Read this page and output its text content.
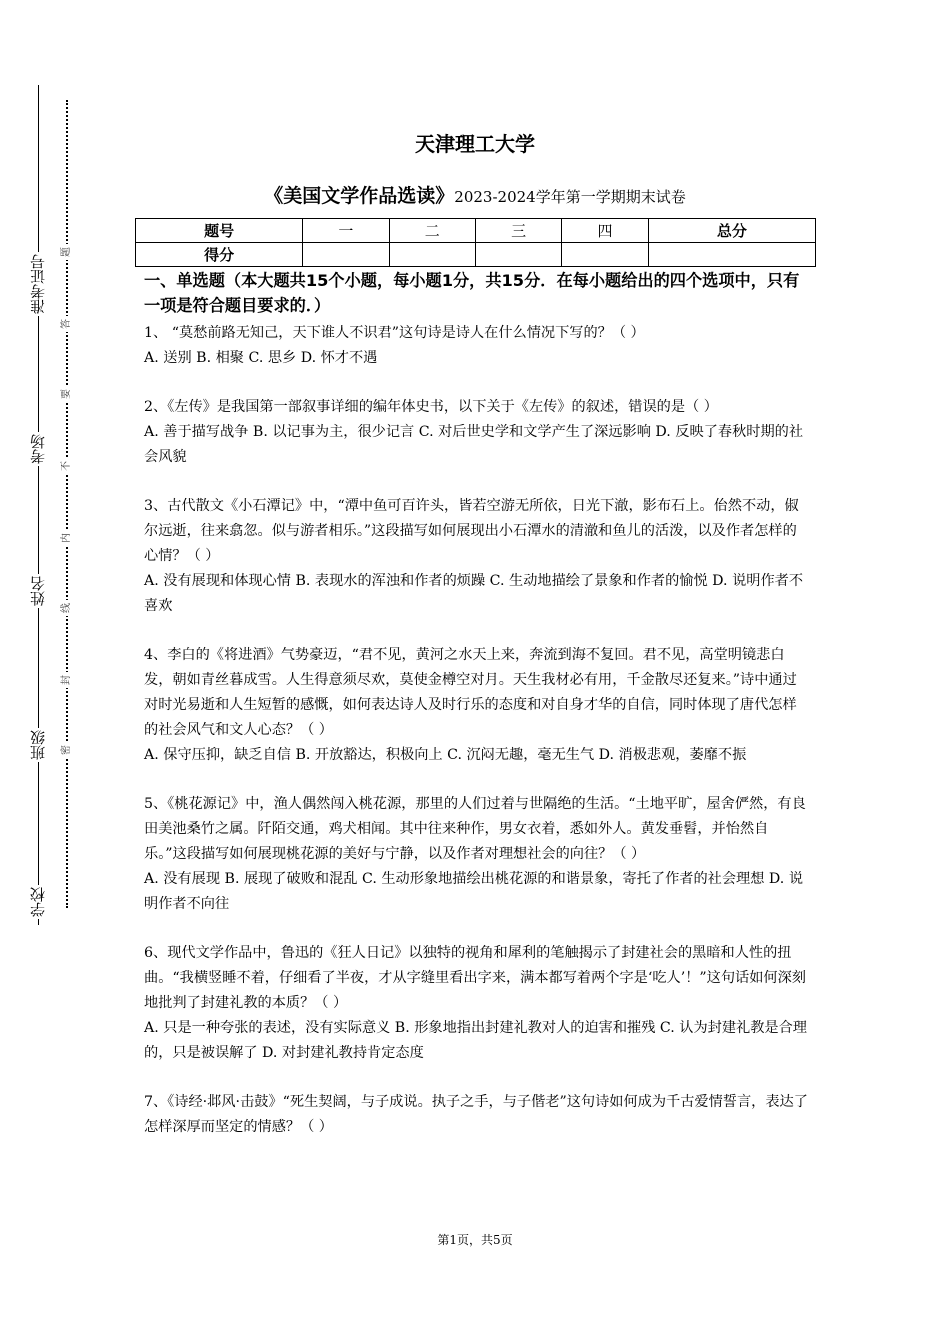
准考证号
考场
姓名
班级
学校
题
答
要
不
内
线
封
密
天津理工大学
《美国文学作品选读》2023-2024学年第一学期期末试卷
题号	一	二	三	四	总分
得分					
一、单选题（本大题共15个小题，每小题1分，共15分．在每小题给出的四个选项中，只有一项是符合题目要求的．）

1、 “莫愁前路无知己，天下谁人不识君”这句诗是诗人在什么情况下写的？（ ）

A. 送别 B. 相聚 C. 思乡 D. 怀才不遇

2、《左传》是我国第一部叙事详细的编年体史书，以下关于《左传》的叙述，错误的是（ ）

A. 善于描写战争 B. 以记事为主，很少记言 C. 对后世史学和文学产生了深远影响 D. 反映了春秋时期的社会风貌

3、古代散文《小石潭记》中，“潭中鱼可百许头，皆若空游无所依，日光下澈，影布石上。佁然不动，俶尔远逝，往来翕忽。似与游者相乐。”这段描写如何展现出小石潭水的清澈和鱼儿的活泼，以及作者怎样的心情？（ ）

A. 没有展现和体现心情 B. 表现水的浑浊和作者的烦躁 C. 生动地描绘了景象和作者的愉悦 D. 说明作者不喜欢

4、李白的《将进酒》气势豪迈，“君不见，黄河之水天上来，奔流到海不复回。君不见，高堂明镜悲白发，朝如青丝暮成雪。人生得意须尽欢，莫使金樽空对月。天生我材必有用，千金散尽还复来。”诗中通过对时光易逝和人生短暂的感慨，如何表达诗人及时行乐的态度和对自身才华的自信，同时体现了唐代怎样的社会风气和文人心态？（ ）

A. 保守压抑，缺乏自信 B. 开放豁达，积极向上 C. 沉闷无趣，毫无生气 D. 消极悲观，萎靡不振

5、《桃花源记》中，渔人偶然闯入桃花源，那里的人们过着与世隔绝的生活。“土地平旷，屋舍俨然，有良田美池桑竹之属。阡陌交通，鸡犬相闻。其中往来种作，男女衣着，悉如外人。黄发垂髫，并怡然自乐。”这段描写如何展现桃花源的美好与宁静，以及作者对理想社会的向往？（ ）

A. 没有展现 B. 展现了破败和混乱 C. 生动形象地描绘出桃花源的和谐景象，寄托了作者的社会理想 D. 说明作者不向往

6、现代文学作品中，鲁迅的《狂人日记》以独特的视角和犀利的笔触揭示了封建社会的黑暗和人性的扭曲。“我横竖睡不着，仔细看了半夜，才从字缝里看出字来，满本都写着两个字是‘吃人’！”这句话如何深刻地批判了封建礼教的本质？（ ）

A. 只是一种夸张的表述，没有实际意义 B. 形象地指出封建礼教对人的迫害和摧残 C. 认为封建礼教是合理的，只是被误解了 D. 对封建礼教持肯定态度

7、《诗经·邶风·击鼓》“死生契阔，与子成说。执子之手，与子偕老”这句诗如何成为千古爱情誓言，表达了怎样深厚而坚定的情感？（ ）

第1页，共5页
